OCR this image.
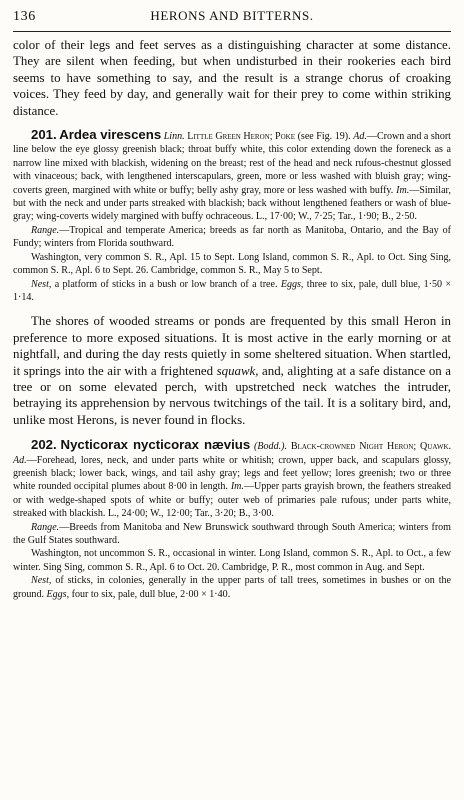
136	HERONS AND BITTERNS.

color of their legs and feet serves as a distinguishing character at some distance. They are silent when feeding, but when undisturbed in their rookeries each bird seems to have something to say, and the result is a strange chorus of croaking voices. They feed by day, and generally wait for their prey to come within striking distance.

201. Ardea virescens Linn. Little Green Heron; Poke (see Fig. 19). Ad.—Crown and a short line below the eye glossy greenish black; throat buffy white, this color extending down the foreneck as a narrow line mixed with blackish, widening on the breast; rest of the head and neck rufous-chestnut glossed with vinaceous; back, with lengthened interscapulars, green, more or less washed with bluish gray; wing-coverts green, margined with white or buffy; belly ashy gray, more or less washed with buffy. Im.—Similar, but with the neck and under parts streaked with blackish; back without lengthened feathers or wash of blue-gray; wing-coverts widely margined with buffy ochraceous. L., 17·00; W., 7·25; Tar., 1·90; B., 2·50.

Range.—Tropical and temperate America; breeds as far north as Manitoba, Ontario, and the Bay of Fundy; winters from Florida southward.

Washington, very common S. R., Apl. 15 to Sept. Long Island, common S. R., Apl. to Oct. Sing Sing, common S. R., Apl. 6 to Sept. 26. Cambridge, common S. R., May 5 to Sept.

Nest, a platform of sticks in a bush or low branch of a tree. Eggs, three to six, pale, dull blue, 1·50 × 1·14.

The shores of wooded streams or ponds are frequented by this small Heron in preference to more exposed situations. It is most active in the early morning or at nightfall, and during the day rests quietly in some sheltered situation. When startled, it springs into the air with a frightened squawk, and, alighting at a safe distance on a tree or on some elevated perch, with upstretched neck watches the intruder, betraying its apprehension by nervous twitchings of the tail. It is a solitary bird, and, unlike most Herons, is never found in flocks.

202. Nycticorax nycticorax nævius (Bodd.). Black-crowned Night Heron; Quawk. Ad.—Forehead, lores, neck, and under parts white or whitish; crown, upper back, and scapulars glossy, greenish black; lower back, wings, and tail ashy gray; legs and feet yellow; lores greenish; two or three white rounded occipital plumes about 8·00 in length. Im.—Upper parts grayish brown, the feathers streaked or with wedge-shaped spots of white or buffy; outer web of primaries pale rufous; under parts white, streaked with blackish. L., 24·00; W., 12·00; Tar., 3·20; B., 3·00.

Range.—Breeds from Manitoba and New Brunswick southward through South America; winters from the Gulf States southward.

Washington, not uncommon S. R., occasional in winter. Long Island, common S. R., Apl. to Oct., a few winter. Sing Sing, common S. R., Apl. 6 to Oct. 20. Cambridge, P. R., most common in Aug. and Sept.

Nest, of sticks, in colonies, generally in the upper parts of tall trees, sometimes in bushes or on the ground. Eggs, four to six, pale, dull blue, 2·00 × 1·40.
